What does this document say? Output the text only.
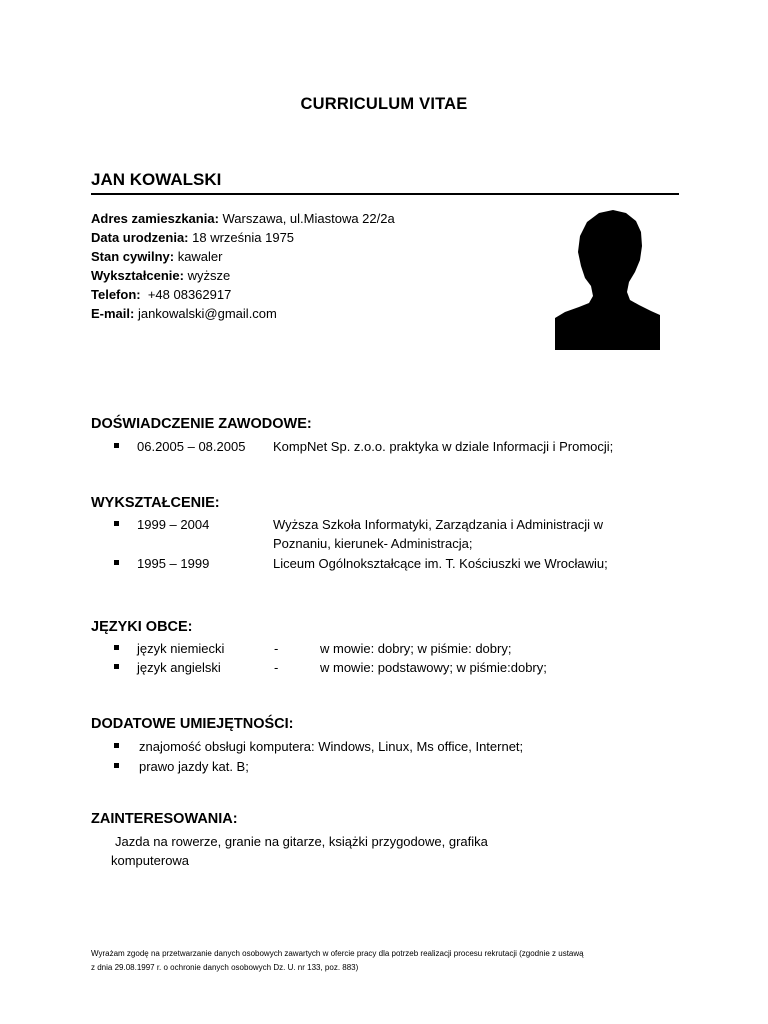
CURRICULUM VITAE
JAN KOWALSKI
Adres zamieszkania: Warszawa, ul.Miastowa 22/2a
Data urodzenia: 18 września 1975
Stan cywilny: kawaler
Wykształcenie: wyższe
Telefon:  +48 08362917
E-mail: jankowalski@gmail.com
DOŚWIADCZENIE ZAWODOWE:
06.2005 – 08.2005 KompNet Sp. z.o.o. praktyka w dziale Informacji i Promocji;
WYKSZTAŁCENIE:
1999 – 2004	Wyższa Szkoła Informatyki, Zarządzania i Administracji w Poznaniu, kierunek- Administracja;
1995 – 1999	Liceum Ogólnokształcące im. T. Kościuszki we Wrocławiu;
JĘZYKI OBCE:
język niemiecki	-	w mowie: dobry; w piśmie: dobry;
język angielski	-	w mowie: podstawowy; w piśmie:dobry;
DODATOWE UMIEJĘTNOŚCI:
znajomość obsługi komputera: Windows, Linux, Ms office, Internet;
prawo jazdy kat. B;
ZAINTERESOWANIA:
Jazda na rowerze, granie na gitarze, książki przygodowe, grafika
komputerowa
Wyrażam zgodę na przetwarzanie danych osobowych zawartych w ofercie pracy dla potrzeb realizacji procesu rekrutacji (zgodnie z ustawą
z dnia 29.08.1997 r. o ochronie danych osobowych Dz. U. nr 133, poz. 883)
